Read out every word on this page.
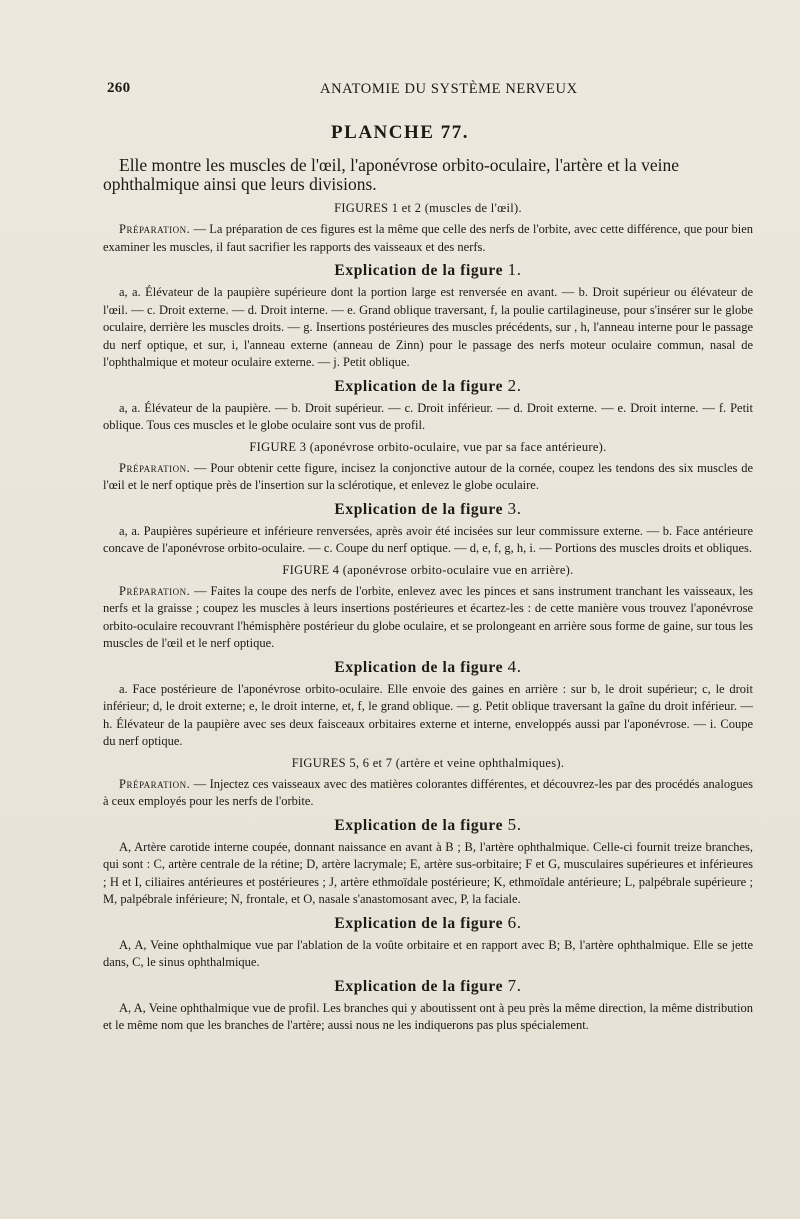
260	ANATOMIE DU SYSTÈME NERVEUX
PLANCHE 77.

Elle montre les muscles de l'œil, l'aponévrose orbito-oculaire, l'artère et la veine ophthalmique ainsi que leurs divisions.

FIGURES 1 et 2 (muscles de l'œil).

Préparation. — La préparation de ces figures est la même que celle des nerfs de l'orbite, avec cette différence, que pour bien examiner les muscles, il faut sacrifier les rapports des vaisseaux et des nerfs.

Explication de la figure 1.

a, a. Élévateur de la paupière supérieure dont la portion large est renversée en avant. — b. Droit supérieur ou élévateur de l'œil. — c. Droit externe. — d. Droit interne. — e. Grand oblique traversant, f, la poulie cartilagineuse, pour s'insérer sur le globe oculaire, derrière les muscles droits. — g. Insertions postérieures des muscles précédents, sur , h, l'anneau interne pour le passage du nerf optique, et sur, i, l'anneau externe (anneau de Zinn) pour le passage des nerfs moteur oculaire commun, nasal de l'ophthalmique et moteur oculaire externe. — j. Petit oblique.

Explication de la figure 2.

a, a. Élévateur de la paupière. — b. Droit supérieur. — c. Droit inférieur. — d. Droit externe. — e. Droit interne. — f. Petit oblique. Tous ces muscles et le globe oculaire sont vus de profil.

FIGURE 3 (aponévrose orbito-oculaire, vue par sa face antérieure).

Préparation. — Pour obtenir cette figure, incisez la conjonctive autour de la cornée, coupez les tendons des six muscles de l'œil et le nerf optique près de l'insertion sur la sclérotique, et enlevez le globe oculaire.

Explication de la figure 3.

a, a. Paupières supérieure et inférieure renversées, après avoir été incisées sur leur commissure externe. — b. Face antérieure concave de l'aponévrose orbito-oculaire. — c. Coupe du nerf optique. — d, e, f, g, h, i. — Portions des muscles droits et obliques.

FIGURE 4 (aponévrose orbito-oculaire vue en arrière).

Préparation. — Faites la coupe des nerfs de l'orbite, enlevez avec les pinces et sans instrument tranchant les vaisseaux, les nerfs et la graisse ; coupez les muscles à leurs insertions postérieures et écartez-les : de cette manière vous trouvez l'aponévrose orbito-oculaire recouvrant l'hémisphère postérieur du globe oculaire, et se prolongeant en arrière sous forme de gaine, sur tous les muscles de l'œil et le nerf optique.

Explication de la figure 4.

a. Face postérieure de l'aponévrose orbito-oculaire. Elle envoie des gaines en arrière : sur b, le droit supérieur; c, le droit inférieur; d, le droit externe; e, le droit interne, et, f, le grand oblique. — g. Petit oblique traversant la gaîne du droit inférieur. — h. Élévateur de la paupière avec ses deux faisceaux orbitaires externe et interne, enveloppés aussi par l'aponévrose. — i. Coupe du nerf optique.

FIGURES 5, 6 et 7 (artère et veine ophthalmiques).

Préparation. — Injectez ces vaisseaux avec des matières colorantes différentes, et découvrez-les par des procédés analogues à ceux employés pour les nerfs de l'orbite.

Explication de la figure 5.

A, Artère carotide interne coupée, donnant naissance en avant à B ; B, l'artère ophthalmique. Celle-ci fournit treize branches, qui sont : C, artère centrale de la rétine; D, artère lacrymale; E, artère sus-orbitaire; F et G, musculaires supérieures et inférieures ; H et I, ciliaires antérieures et postérieures ; J, artère ethmoïdale postérieure; K, ethmoïdale antérieure; L, palpébrale supérieure ; M, palpébrale inférieure; N, frontale, et O, nasale s'anastomosant avec, P, la faciale.

Explication de la figure 6.

A, A, Veine ophthalmique vue par l'ablation de la voûte orbitaire et en rapport avec B; B, l'artère ophthalmique. Elle se jette dans, C, le sinus ophthalmique.

Explication de la figure 7.

A, A, Veine ophthalmique vue de profil. Les branches qui y aboutissent ont à peu près la même direction, la même distribution et le même nom que les branches de l'artère; aussi nous ne les indiquerons pas plus spécialement.
